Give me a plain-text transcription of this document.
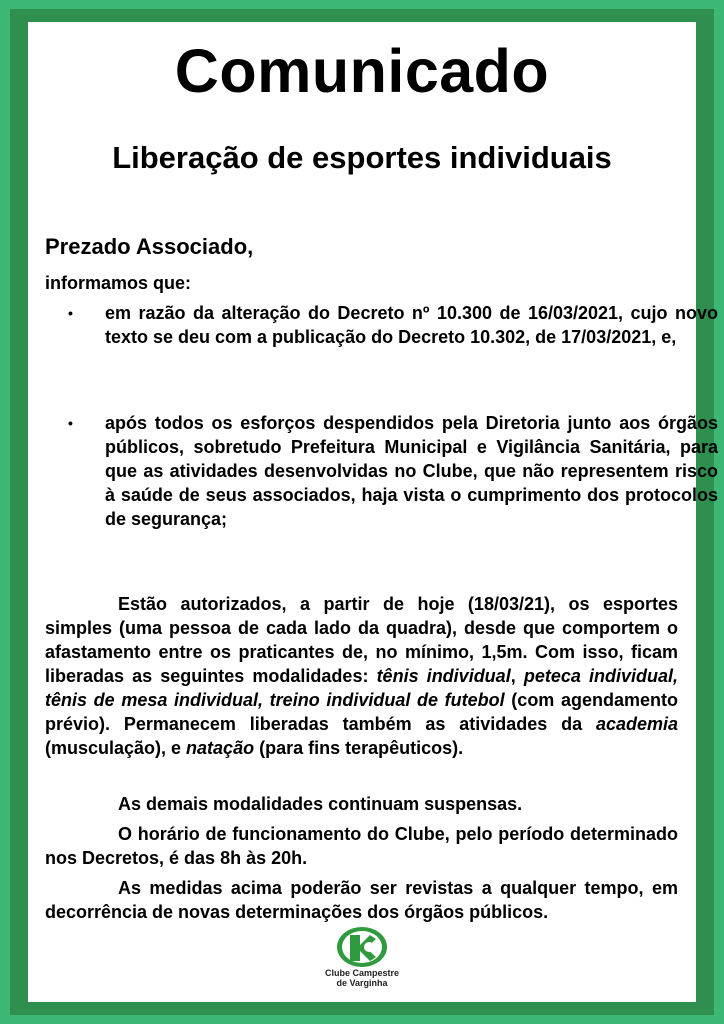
Comunicado
Liberação de esportes individuais
Prezado Associado,
informamos que:
• em razão da alteração do Decreto nº 10.300 de 16/03/2021, cujo novo texto se deu com a publicação do Decreto 10.302, de 17/03/2021, e,
• após todos os esforços despendidos pela Diretoria junto aos órgãos públicos, sobretudo Prefeitura Municipal e Vigilância Sanitária, para que as atividades desenvolvidas no Clube, que não representem risco à saúde de seus associados, haja vista o cumprimento dos protocolos de segurança;

Estão autorizados, a partir de hoje (18/03/21), os esportes simples (uma pessoa de cada lado da quadra), desde que comportem o afastamento entre os praticantes de, no mínimo, 1,5m. Com isso, ficam liberadas as seguintes modalidades: tênis individual, peteca individual, tênis de mesa individual, treino individual de futebol (com agendamento prévio). Permanecem liberadas também as atividades da academia (musculação), e natação (para fins terapêuticos).

As demais modalidades continuam suspensas.

O horário de funcionamento do Clube, pelo período determinado nos Decretos, é das 8h às 20h.

As medidas acima poderão ser revistas a qualquer tempo, em decorrência de novas determinações dos órgãos públicos.

Clube Campestre
de Varginha
